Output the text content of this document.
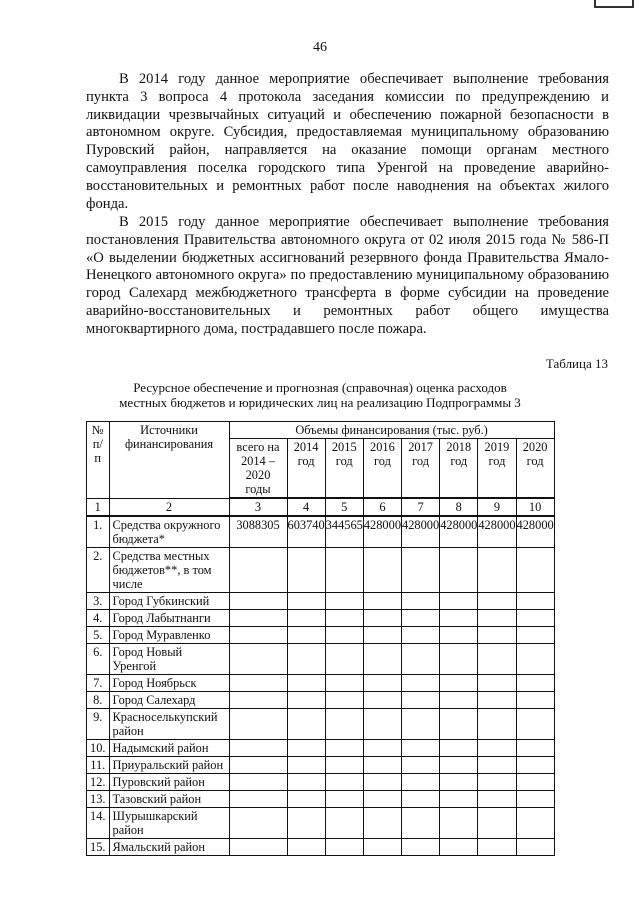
46

В 2014 году данное мероприятие обеспечивает выполнение требования пункта 3 вопроса 4 протокола заседания комиссии по предупреждению и ликвидации чрезвычайных ситуаций и обеспечению пожарной безопасности в автономном округе. Субсидия, предоставляемая муниципальному образованию Пуровский район, направляется на оказание помощи органам местного самоуправления поселка городского типа Уренгой на проведение аварийно-восстановительных и ремонтных работ после наводнения на объектах жилого фонда.

В 2015 году данное мероприятие обеспечивает выполнение требования постановления Правительства автономного округа от 02 июля 2015 года № 586-П «О выделении бюджетных ассигнований резервного фонда Правительства Ямало-Ненецкого автономного округа» по предоставлению муниципальному образованию город Салехард межбюджетного трансферта в форме субсидии на проведение аварийно-восстановительных и ремонтных работ общего имущества многоквартирного дома, пострадавшего после пожара.

Таблица 13
Ресурсное обеспечение и прогнозная (справочная) оценка расходов
местных бюджетов и юридических лиц на реализацию Подпрограммы 3
№ п/п	Источники финансирования	Объемы финансирования (тыс. руб.)							
		всего на 2014 – 2020 годы	2014 год	2015 год	2016 год	2017 год	2018 год	2019 год	2020 год
1	2	3	4	5	6	7	8	9	10
1.	Средства окружного бюджета*	3088305	603740	344565	428000	428000	428000	428000	428000
2.	Средства местных бюджетов**, в том числе								
3.	Город Губкинский								
4.	Город Лабытнанги								
5.	Город Муравленко								
6.	Город Новый Уренгой								
7.	Город Ноябрьск								
8.	Город Салехард								
9.	Красноселькупский район								
10.	Надымский район								
11.	Приуральский район								
12.	Пуровский район								
13.	Тазовский район								
14.	Шурышкарский район								
15.	Ямальский район								
